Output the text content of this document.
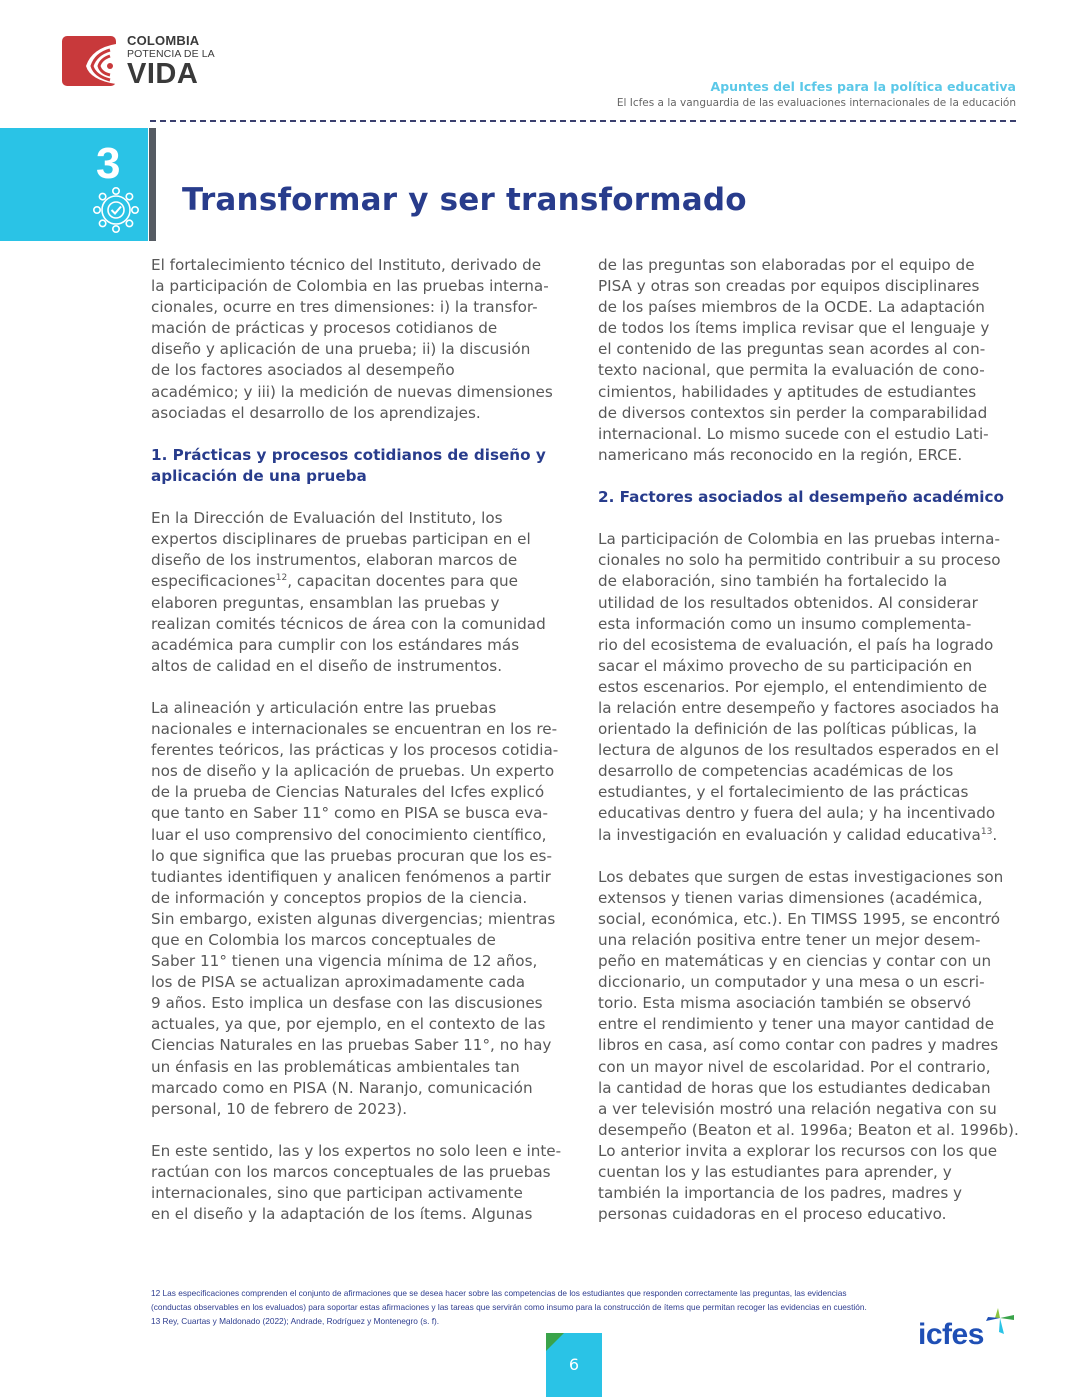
COLOMBIA
POTENCIA DE LA
VIDA	Apuntes del Icfes para la política educativa
El Icfes a la vanguardia de las evaluaciones internacionales de la educación
3
Transformar y ser transformado

El fortalecimiento técnico del Instituto, derivado de
la participación de Colombia en las pruebas interna-
cionales, ocurre en tres dimensiones: i) la transfor-
mación de prácticas y procesos cotidianos de
diseño y aplicación de una prueba; ii) la discusión
de los factores asociados al desempeño
académico; y iii) la medición de nuevas dimensiones
asociadas el desarrollo de los aprendizajes.

1. Prácticas y procesos cotidianos de diseño y
aplicación de una prueba

En la Dirección de Evaluación del Instituto, los
expertos disciplinares de pruebas participan en el
diseño de los instrumentos, elaboran marcos de
especificaciones$^{12}$, capacitan docentes para que
elaboren preguntas, ensamblan las pruebas y
realizan comités técnicos de área con la comunidad
académica para cumplir con los estándares más
altos de calidad en el diseño de instrumentos.

La alineación y articulación entre las pruebas
nacionales e internacionales se encuentran en los re-
ferentes teóricos, las prácticas y los procesos cotidia-
nos de diseño y la aplicación de pruebas. Un experto
de la prueba de Ciencias Naturales del Icfes explicó
que tanto en Saber 11° como en PISA se busca eva-
luar el uso comprensivo del conocimiento científico,
lo que significa que las pruebas procuran que los es-
tudiantes identifiquen y analicen fenómenos a partir
de información y conceptos propios de la ciencia.
Sin embargo, existen algunas divergencias; mientras
que en Colombia los marcos conceptuales de
Saber 11° tienen una vigencia mínima de 12 años,
los de PISA se actualizan aproximadamente cada
9 años. Esto implica un desfase con las discusiones
actuales, ya que, por ejemplo, en el contexto de las
Ciencias Naturales en las pruebas Saber 11°, no hay
un énfasis en las problemáticas ambientales tan
marcado como en PISA (N. Naranjo, comunicación
personal, 10 de febrero de 2023).

En este sentido, las y los expertos no solo leen e inte-
ractúan con los marcos conceptuales de las pruebas
internacionales, sino que participan activamente
en el diseño y la adaptación de los ítems. Algunas

de las preguntas son elaboradas por el equipo de
PISA y otras son creadas por equipos disciplinares
de los países miembros de la OCDE. La adaptación
de todos los ítems implica revisar que el lenguaje y
el contenido de las preguntas sean acordes al con-
texto nacional, que permita la evaluación de cono-
cimientos, habilidades y aptitudes de estudiantes
de diversos contextos sin perder la comparabilidad
internacional. Lo mismo sucede con el estudio Lati-
namericano más reconocido en la región, ERCE.

2. Factores asociados al desempeño académico

La participación de Colombia en las pruebas interna-
cionales no solo ha permitido contribuir a su proceso
de elaboración, sino también ha fortalecido la
utilidad de los resultados obtenidos. Al considerar
esta información como un insumo complementa-
rio del ecosistema de evaluación, el país ha logrado
sacar el máximo provecho de su participación en
estos escenarios. Por ejemplo, el entendimiento de
la relación entre desempeño y factores asociados ha
orientado la definición de las políticas públicas, la
lectura de algunos de los resultados esperados en el
desarrollo de competencias académicas de los
estudiantes, y el fortalecimiento de las prácticas
educativas dentro y fuera del aula; y ha incentivado
la investigación en evaluación y calidad educativa$^{13}$.

Los debates que surgen de estas investigaciones son
extensos y tienen varias dimensiones (académica,
social, económica, etc.). En TIMSS 1995, se encontró
una relación positiva entre tener un mejor desem-
peño en matemáticas y en ciencias y contar con un
diccionario, un computador y una mesa o un escri-
torio. Esta misma asociación también se observó
entre el rendimiento y tener una mayor cantidad de
libros en casa, así como contar con padres y madres
con un mayor nivel de escolaridad. Por el contrario,
la cantidad de horas que los estudiantes dedicaban
a ver televisión mostró una relación negativa con su
desempeño (Beaton et al. 1996a; Beaton et al. 1996b).
Lo anterior invita a explorar los recursos con los que
cuentan los y las estudiantes para aprender, y
también la importancia de los padres, madres y
personas cuidadoras en el proceso educativo.

12 Las especificaciones comprenden el conjunto de afirmaciones que se desea hacer sobre las competencias de los estudiantes que responden correctamente las preguntas, las evidencias
(conductas observables en los evaluados) para soportar estas afirmaciones y las tareas que servirán como insumo para la construcción de ítems que permitan recoger las evidencias en cuestión.
13 Rey, Cuartas y Maldonado (2022); Andrade, Rodríguez y Montenegro (s. f).
6
icfes
